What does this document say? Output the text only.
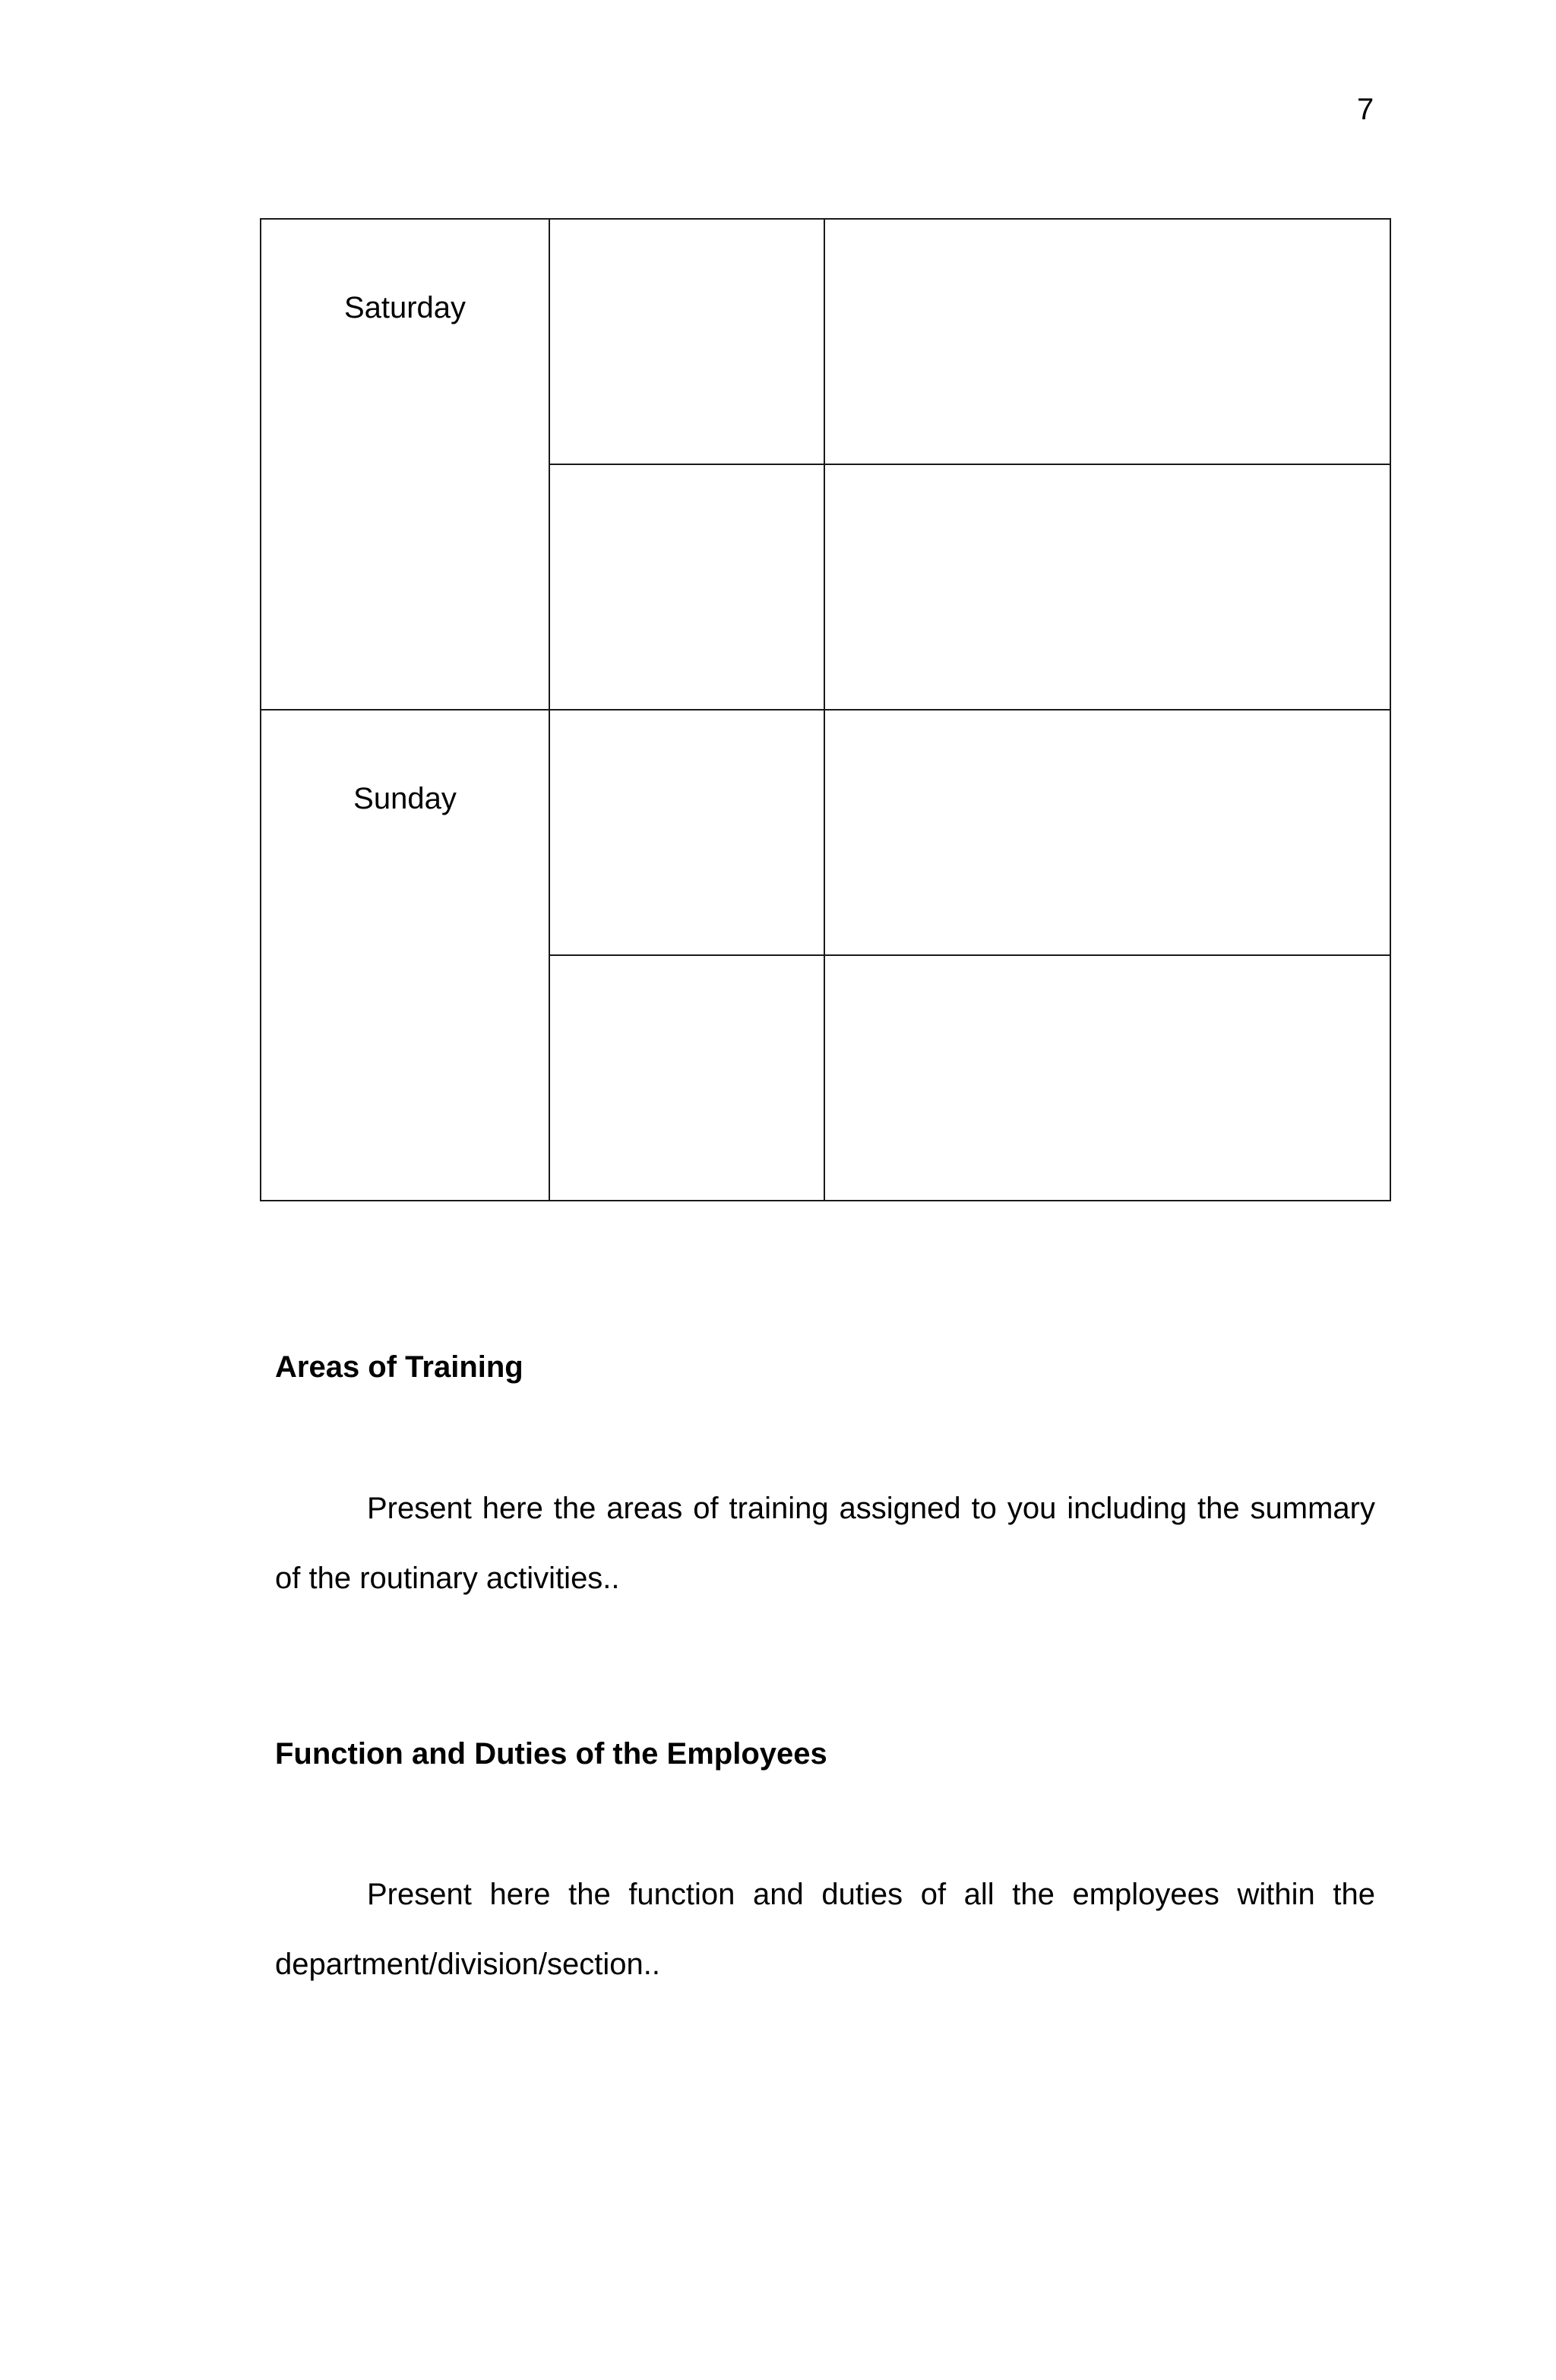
7
Saturday		

Sunday		

Areas of Training

Present here the areas of training assigned to you including the summary of the routinary activities..

Function and Duties of the Employees

Present here the function and duties of all the employees within the department/division/section..
